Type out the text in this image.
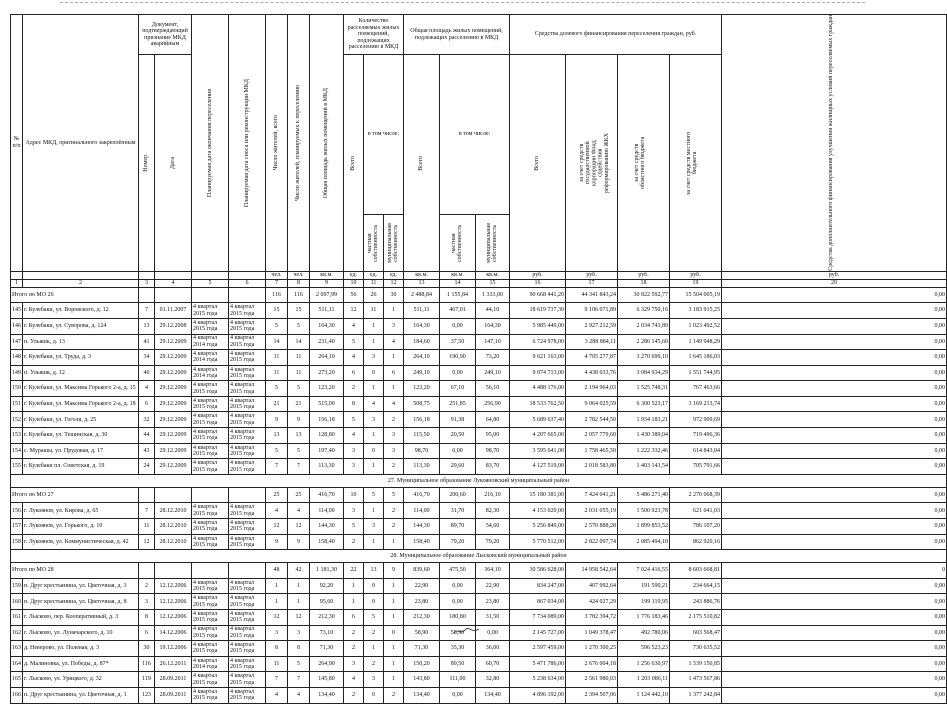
№ п/п	Адрес МКД, оригинального закреплённым	Документ, подтверждающий признание МКД аварийным		Планируемая дата окончания переселения	Планируемая дата сноса или реконструкции МКД	Число жителей, всего	Число жителей, планируемых к переселению	Общая площадь жилых помещений в МКД	Количество расселяемых жилых помещений, подлежащих расселению в МКД			Общая площадь жилых помещений, подлежащих расселению в МКД			Средства долевого финансирования переселения граждан, руб.				Средства дополнительного финансирования улучшения жилищных условий переселяемых граждан

		Номер	Дата						Всего	в том числе:		Всего	в том числе:		Всего	за счет средств государственной корпорации Фонд содействия реформированию ЖКХ	за счет средств областного бюджета	за счет средств местного бюджета	

										частная собственность	муниципальная собственность		частная собственность	муниципальная собственность					

						чел.	чел.	кв.м.	ед.	ед.	ед.	кв.м.	кв.м.	кв.м.	руб.	руб.	руб.	руб.	руб.
1	2	3	4	5	6	7	8	9	10	11	12	13	14	15	16	17	18	19	20
Итого по МО 26						116	116	2 697,99	56	26	30	2 488,84	1 155,84	1 333,00	90 668 441,20	44 341 843,24	30 822 592,77	15 504 005,19	0,00
145	г. Кулебаки, ул. Воровского, д. 12	7	01.11.2007	4 квартал 2015 года	4 квартал 2015 года	15	15	511,11	12	11	1	511,11	467,01	44,10	18 619 737,30	9 106 071,89	6 329 750,16	3 183 915,25	0,00
146	г. Кулебаки, ул. Суворова, д. 124	13	29.12.2008	4 квартал 2015 года	4 квартал 2015 года	5	5	164,30	4	1	3	164,30	0,00	164,30	5 985 449,00	2 927 212,59	2 034 743,89	1 023 492,52	0,00
147	п. Ульяшк, д. 13	41	29.12.2009	4 квартал 2014 года	4 квартал 2015 года	14	14	231,40	5	1	4	184,60	37,50	147,10	6 724 978,00	3 288 884,11	2 286 145,60	1 149 948,29	0,00
148	г. Кулебаки, ул. Труда, д. 3	34	29.12.2009	4 квартал 2014 года	4 квартал 2015 года	11	11	264,10	4	3	1	264,10	190,90	73,20	9 621 163,00	4 705 277,87	3 270 699,10	1 645 186,03	0,00
149	п. Ульяшк, д. 12	40	29.12.2009	4 квартал 2014 года	4 квартал 2015 года	11	11	273,20	6	0	6	249,10	0,00	249,10	9 074 713,00	4 438 033,76	3 084 934,29	1 551 744,95	0,00
150	г. Кулебаки, ул. Максима Горького 2-а, д. 15	4	29.12.2009	4 квартал 2015 года	4 квартал 2015 года	5	5	123,20	2	1	1	123,20	67,10	56,10	4 488 176,00	2 194 964,03	1 525 748,31	767 463,66	0,00
151	г. Кулебаки, ул. Максима Горького 2-а, д. 18	6	29.12.2009	4 квартал 2015 года	4 квартал 2015 года	21	21	515,00	8	4	4	508,75	251,85	256,90	18 533 762,50	9 064 025,59	6 300 523,17	3 169 213,74	0,00
152	г. Кулебаки, ул. Гоголя, д. 25	32	29.12.2009	4 квартал 2015 года	4 квартал 2015 года	9	9	156,18	5	3	2	156,18	91,38	64,80	5 689 637,40	2 782 544,50	1 934 183,21	972 909,69	0,00
153	г. Кулебаки, ул. Тешинская, д. 30	44	29.12.2009	4 квартал 2015 года	4 квартал 2015 года	13	13	128,80	4	1	3	115,50	20,50	95,00	4 207 665,00	2 057 779,60	1 430 389,04	719 496,36	0,00
154	с. Мурашы, ул. Прудовая, д. 17	43	29.12.2009	4 квартал 2015 года	4 квартал 2015 года	5	5	197,40	3	0	3	98,70	0,00	98,70	3 595 641,00	1 758 465,50	1 222 332,46	614 843,04	0,00
155	г. Кулебаки пл. Советская, д. 19	24	29.12.2009	4 квартал 2015 года	4 квартал 2015 года	7	7	113,30	3	1	2	113,30	29,60	83,70	4 127 519,00	2 018 583,80	1 403 143,54	705 791,66	0,00
27. Муниципальное образование Лукояновский муниципальный район																			
Итого по МО 27						25	25	416,70	10	5	5	416,70	200,60	216,10	15 180 381,00	7 424 041,21	5 486 271,40	2 270 068,39	0,00
156	г. Лукоянов, ул. Кирова, д. 65	7	28.12.2010	4 квартал 2015 года	4 квартал 2015 года	4	4	114,00	3	1	2	114,00	31,70	82,30	4 153 020,00	2 031 055,19	1 500 923,78	621 041,03	0,00
157	г. Лукоянов, ул. Горького, д. 10	11	28.12.2010	4 квартал 2015 года	4 квартал 2015 года	12	12	144,30	5	3	2	144,30	89,70	54,60	5 256 849,00	2 570 888,28	1 899 853,52	786 107,20	0,00
158	г. Лукоянов, ул. Коммунистическая, д. 42	12	28.12.2010	4 квартал 2015 года	4 квартал 2015 года	9	9	158,40	2	1	1	158,40	79,20	79,20	5 770 512,00	2 822 097,74	2 085 494,10	862 920,16	0,00
28. Муниципальное образование Лысковский муниципальный район																			
Итого по МО 28						48	42	1 181,30	22	13	9	839,60	475,50	364,10	30 586 628,00	14 958 542,64	7 024 416,55	8 603 668,81	0
159	п. Друг крестьянина, ул. Цветочная, д. 3	2	12.12.2006	4 квартал 2015 года	4 квартал 2015 года	1	1	92,20	1	0	1	22,90	0,00	22,90	834 247,00	407 992,64	191 590,21	234 664,15	0,00
160	п. Друг крестьянина, ул. Цветочная, д. 8	3	12.12.2006	4 квартал 2015 года	4 квартал 2015 года	1	1	95,60	1	0	1	23,80	0,00	23,80	867 034,00	424 027,29	199 119,95	243 886,76	0,00
161	г. Лысково, пер. Кооперативный, д. 3	8	12.12.2006	4 квартал 2015 года	4 квартал 2015 года	12	12	212,30	6	5	1	212,30	180,80	31,50	7 734 089,00	3 782 394,72	1 776 183,46	2 175 510,82	0,00
162	г. Лысково, ул. Луначарского, д. 10	6	14.12.2006	4 квартал 2015 года	4 квартал 2015 года	3	3	73,10	2	2	0	58,90	58,90	0,00	2 145 727,00	1 049 378,47	492 780,06	603 568,47	0,00
163	д. Неверово, ул. Полевая, д. 3	30	19.12.2006	4 квартал 2015 года	4 квартал 2015 года	8	8	71,30	2	1	1	71,30	35,30	36,00	2 597 459,00	1 270 300,25	596 523,23	730 635,52	0,00
164	д. Малиновка, ул. Победы, д. 87*	116	26.12.2011	4 квартал 2014 года	4 квартал 2015 года	11	5	264,90	3	2	1	150,20	89,50	60,70	5 471 786,00	2 676 004,18	1 256 630,97	1 539 150,85	0,00
165	г. Лысково, ул. Урицкого, д. 32	119	28.09.2011	4 квартал 2015 года	4 квартал 2015 года	7	7	145,80	4	3	1	143,80	111,00	32,80	5 238 634,00	2 561 980,03	1 203 086,11	1 473 567,86	0,00
166	п. Друг крестьянина, ул. Цветочная, д. 1	123	28.09.2011	4 квартал 2015 года	4 квартал 2015 года	4	4	134,40	2	0	2	134,40	0,00	134,40	4 896 192,00	2 394 507,06	1 124 442,10	1 377 242,84	0,00
